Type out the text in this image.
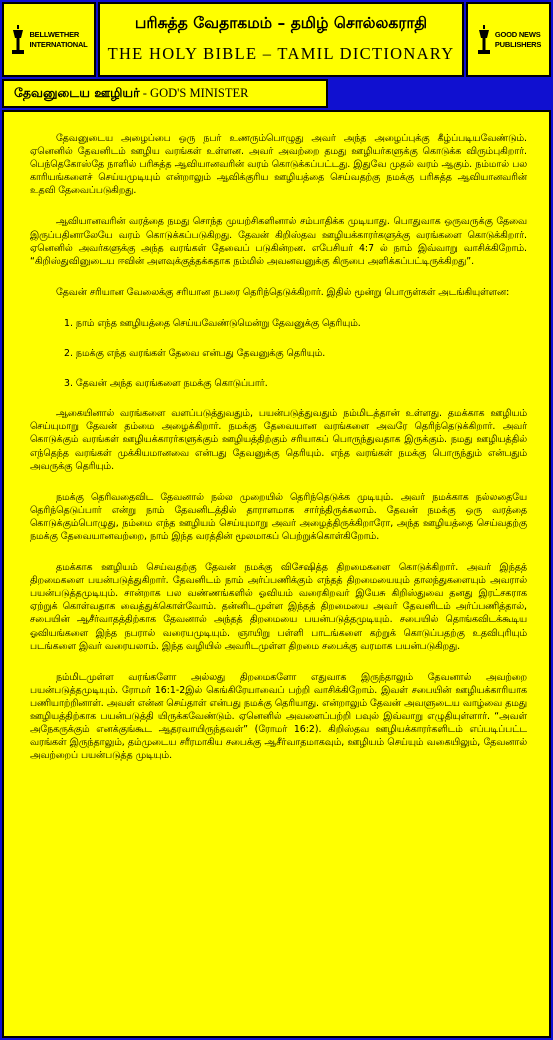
BELLWETHER
INTERNATIONAL
பரிசுத்த வேதாகமம் – தமிழ் சொல்லகராதி
THE HOLY BIBLE – TAMIL DICTIONARY
GOOD NEWS
PUBLISHERS
தேவனுடைய ஊழியர் - GOD'S MINISTER

தேவனுடைய அழைப்பை ஒரு நபர் உணரும்பொழுது அவர் அந்த அழைப்புக்கு கீழ்ப்படியவேண்டும். ஏனெனில் தேவனிடம் ஊழிய வரங்கள் உள்ளன. அவர் அவற்றை தமது ஊழியர்களுக்கு கொடுக்க விரும்புகிறார். பெந்தெகோஸ்தே நாளில் பரிசுத்த ஆவியானவரின் வரம் கொடுக்கப்பட்டது. இதுவே முதல் வரம் ஆகும். நம்மால் பல காரியங்களைச் செய்யமுடியும் என்றாலும் ஆவிக்குரிய ஊழியத்தை செய்வதற்கு நமக்கு பரிசுத்த ஆவியானவரின் உதவி தேவைப்படுகிறது.

ஆவியானவரின் வரத்தை நமது சொந்த முயற்சிகளினால் சம்பாதிக்க முடியாது. பொதுவாக ஒருவருக்கு தேவை இருப்பதினாலேயே வரம் கொடுக்கப்படுகிறது. தேவன் கிறிஸ்தவ ஊழியக்காரர்களுக்கு வரங்களை கொடுக்கிறார். ஏனெனில் அவர்களுக்கு அந்த வரங்கள் தேவைப் படுகின்றன. எபேசியர் 4:7 ல் நாம் இவ்வாறு வாசிக்கிறோம். “கிறிஸ்துவினுடைய ஈவின் அளவுக்குத்தக்கதாக நம்மில் அவனவனுக்கு கிருபை அளிக்கப்பட்டிருக்கிறது”.

தேவன் சரியான வேலைக்கு சரியான நபரை தெரிந்தெடுக்கிறார். இதில் மூன்று பொருள்கள் அடங்கியுள்ளன:

1. நாம் எந்த ஊழியத்தை செய்யவேண்டுமென்று தேவனுக்கு தெரியும்.

2. நமக்கு எந்த வரங்கள் தேவை என்பது தேவனுக்கு தெரியும்.

3. தேவன் அந்த வரங்களை நமக்கு கொடுப்பார்.

ஆகையினால் வரங்களை வளப்படுத்துவதும், பயன்படுத்துவதும் நம்மிடத்தான் உள்ளது. தமக்காக ஊழியம் செய்யுமாறு தேவன் தம்மை அழைக்கிறார். நமக்கு தேவையான வரங்களை அவரே தெரிந்தெடுக்கிறார். அவர் கொடுக்கும் வரங்கள் ஊழியக்காரர்களுக்கும் ஊழியத்திற்கும் சரியாகப் பொருந்துவதாக இருக்கும். நமது ஊழியத்தில் எந்தெந்த வரங்கள் முக்கியமானவை என்பது தேவனுக்கு தெரியும். எந்த வரங்கள் நமக்கு பொருந்தும் என்பதும் அவருக்கு தெரியும்.

நமக்கு தெரிவதைவிட தேவனால் நல்ல முறையில் தெரிந்தெடுக்க முடியும். அவர் நமக்காக நல்லதையே தெரிந்தெடுப்பார் என்று நாம் தேவனிடத்தில் தாராளமாக சார்ந்திருக்கலாம். தேவன் நமக்கு ஒரு வரத்தை கொடுக்கும்பொழுது, நம்மை எந்த ஊழியம் செய்யுமாறு அவர் அழைத்திருக்கிறாரோ, அந்த ஊழியத்தை செய்வதற்கு நமக்கு தேவையானவற்றை, நாம் இந்த வரத்தின் மூலமாகப் பெற்றுக்கொள்கிறோம்.

தமக்காக ஊழியம் செய்வதற்கு தேவன் நமக்கு விசேஷித்த திறமைகளை கொடுக்கிறார். அவர் இந்தத் திறமைகளை பயன்படுத்துகிறார். தேவனிடம் நாம் அர்ப்பணிக்கும் எந்தத் திறமையையும் தாலந்துகளையும் அவரால் பயன்படுத்தமுடியும். சான்றாக பல வண்ணங்களில் ஓவியம் வரைகிறவர் இயேசு கிறிஸ்துவை தனது இரட்சகராக ஏற்றுக் கொள்வதாக வைத்துக்கொள்வோம். தன்னிடமுள்ள இந்தத் திறமையை அவர் தேவனிடம் அர்ப்பணித்தால், சபையின் ஆசீர்வாதத்திற்காக தேவனால் அந்தத் திறமையை பயன்படுத்தமுடியும். சபையில் தொங்கவிடக்கூடிய ஓவியங்களை இந்த நபரால் வரையமுடியும். ஞாயிறு பள்ளி பாடங்களை கற்றுக் கொடுப்பதற்கு உதவிபுரியும் படங்களை இவர் வரையலாம். இந்த வழியில் அவரிடமுள்ள திறமை சபைக்கு வரமாக பயன்படுகிறது.

நம்மிடமுள்ள வரங்களோ அல்லது திறமைகளோ எதுவாக இருந்தாலும் தேவனால் அவற்றை பயன்படுத்தமுடியும். ரோமர் 16:1-2இல் கெங்கிரேயாவைப் பற்றி வாசிக்கிறோம். இவள் சபையின் ஊழியக்காரியாக பணியாற்றினாள். அவள் என்ன செய்தாள் என்பது நமக்கு தெரியாது. என்றாலும் தேவன் அவளுடைய வாழ்வை தமது ஊழியத்திற்காக பயன்படுத்தி யிருக்கவேண்டும். ஏனெனில் அவளைப்பற்றி பவுல் இவ்வாறு எழுதியுள்ளார். “அவள் அநேகருக்கும் எனக்குங்கூட ஆதரவாயிருந்தவள்” (ரோமர் 16:2). கிறிஸ்தவ ஊழியக்காரர்களிடம் எப்படிப்பட்ட வரங்கள் இருந்தாலும், தம்முடைய சரீரமாகிய சபைக்கு ஆசீர்வாதமாகவும், ஊழியம் செய்யும் வகையிலும், தேவனால் அவற்றைப் பயன்படுத்த முடியும்.
